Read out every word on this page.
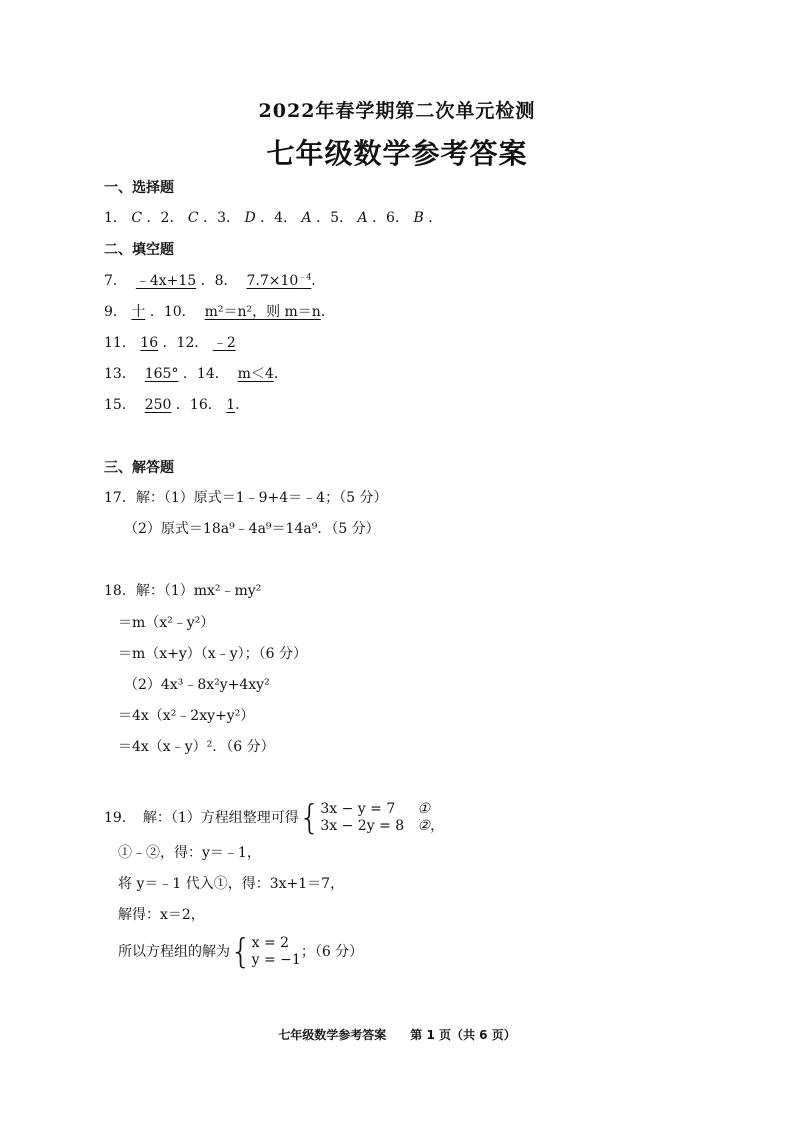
2022年春学期第二次单元检测
七年级数学参考答案
一、选择题
1． C ．2． C ．3． D ．4． A ．5． A ．6． B ．
二、填空题
7． ﹣4x+15 ．8． $7.7\times 10^{﹣4}$．
9． 十 ．10． m²＝n²，则 m＝n．
11． 16 ．12． ﹣2
13． 165° ．14． m＜4．
15． 250 ．16． 1．
三、解答题
17．解：（1）原式＝1﹣9+4＝﹣4；（5 分）
（2）原式＝18a⁹﹣4a⁹＝14a⁹．（5 分）
18．解：（1）mx²﹣my²
＝m（x²﹣y²）
＝m（x+y）（x﹣y）；（6 分）
（2）4x³﹣8x²y+4xy²
＝4x（x²﹣2xy+y²）
＝4x（x﹣y）²．（6 分）
19．　解：（1）方程组整理可得{3x − y = 7 ①
3x − 2y = 8 ②，
①﹣②，得：y＝﹣1，
将 y＝﹣1 代入①，得：3x+1＝7，
解得：x＝2，
所以方程组的解为{x = 2
y = −1；（6 分）
七年级数学参考答案　　第 1 页（共 6 页）
